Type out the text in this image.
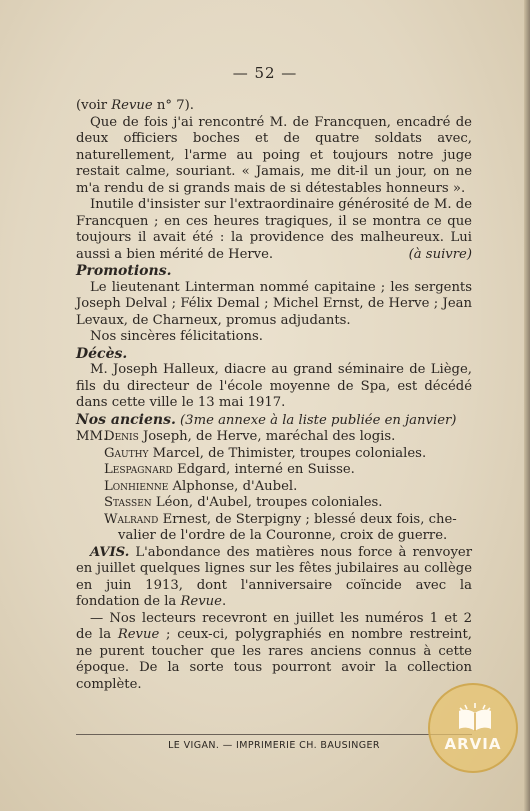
— 52 —

(voir Revue n° 7).

Que de fois j'ai rencontré M. de Francquen, encadré de deux officiers boches et de quatre soldats avec, naturellement, l'arme au poing et toujours notre juge restait calme, souriant. « Jamais, me dit-il un jour, on ne m'a rendu de si grands mais de si détestables honneurs ».

Inutile d'insister sur l'extraordinaire générosité de M. de Francquen ; en ces heures tragiques, il se montra ce que toujours il avait été : la providence des malheureux. Lui aussi a bien mérité de Herve.	(à suivre)

Promotions.

Le lieutenant Linterman nommé capitaine ; les sergents Joseph Delval ; Félix Demal ; Michel Ernst, de Herve ; Jean Levaux, de Charneux, promus adjudants.

Nos sincères félicitations.

Décès.

M. Joseph Halleux, diacre au grand séminaire de Liège, fils du directeur de l'école moyenne de Spa, est décédé dans cette ville le 13 mai 1917.

Nos anciens. (3me annexe à la liste publiée en janvier)

MM.Denis Joseph, de Herve, maréchal des logis.
Gauthy Marcel, de Thimister, troupes coloniales.
Lespagnard Edgard, interné en Suisse.
Lonhienne Alphonse, d'Aubel.
Stassen Léon, d'Aubel, troupes coloniales.
Walrand Ernest, de Sterpigny ; blessé deux fois, che-
valier de l'ordre de la Couronne, croix de guerre.

AVIS. L'abondance des matières nous force à renvoyer en juillet quelques lignes sur les fêtes jubilaires au collège en juin 1913, dont l'anniversaire coïncide avec la fondation de la Revue.

— Nos lecteurs recevront en juillet les numéros 1 et 2 de la Revue ; ceux-ci, polygraphiés en nombre restreint, ne purent toucher que les rares anciens connus à cette époque. De la sorte tous pourront avoir la collection complète.

LE VIGAN. — IMPRIMERIE CH. BAUSINGER	ARVIA
